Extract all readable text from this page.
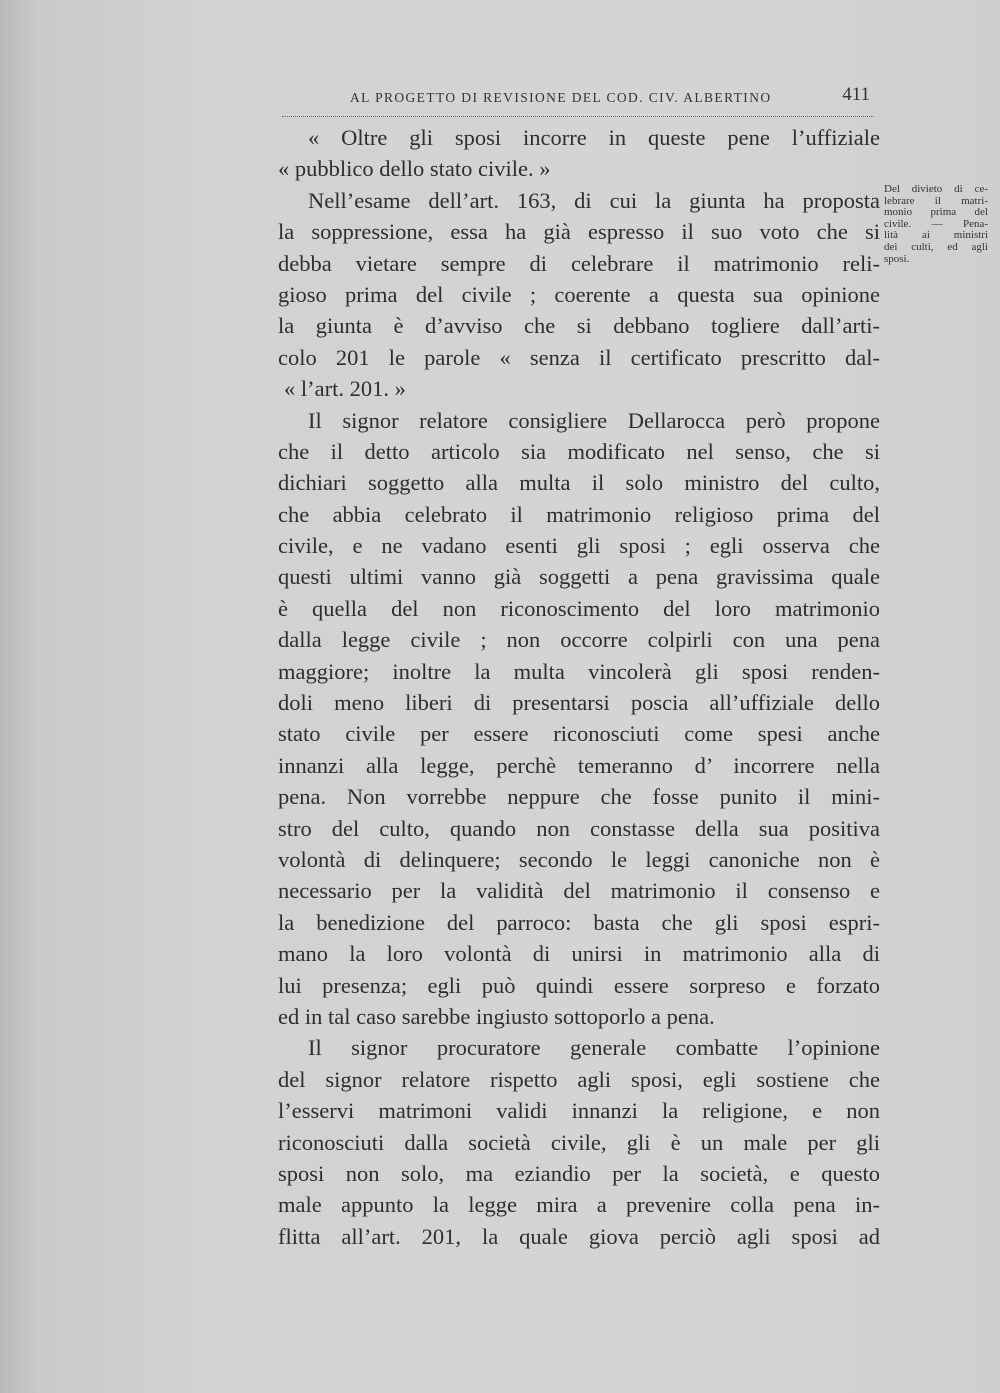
AL PROGETTO DI REVISIONE DEL COD. CIV. ALBERTINO	411
« Oltre gli sposi incorre in queste pene l’uffiziale
« pubblico dello stato civile. »
Nell’esame dell’art. 163, di cui la giunta ha proposta
la soppressione, essa ha già espresso il suo voto che si
debba vietare sempre di celebrare il matrimonio reli-
gioso prima del civile ; coerente a questa sua opinione
la giunta è d’avviso che si debbano togliere dall’arti-
colo 201 le parole « senza il certificato prescritto dal-
« l’art. 201. »
Il signor relatore consigliere Dellarocca però propone
che il detto articolo sia modificato nel senso, che si
dichiari soggetto alla multa il solo ministro del culto,
che abbia celebrato il matrimonio religioso prima del
civile, e ne vadano esenti gli sposi ; egli osserva che
questi ultimi vanno già soggetti a pena gravissima quale
è quella del non riconoscimento del loro matrimonio
dalla legge civile ; non occorre colpirli con una pena
maggiore; inoltre la multa vincolerà gli sposi renden-
doli meno liberi di presentarsi poscia all’uffiziale dello
stato civile per essere riconosciuti come spesi anche
innanzi alla legge, perchè temeranno d’ incorrere nella
pena. Non vorrebbe neppure che fosse punito il mini-
stro del culto, quando non constasse della sua positiva
volontà di delinquere; secondo le leggi canoniche non è
necessario per la validità del matrimonio il consenso e
la benedizione del parroco: basta che gli sposi espri-
mano la loro volontà di unirsi in matrimonio alla di
lui presenza; egli può quindi essere sorpreso e forzato
ed in tal caso sarebbe ingiusto sottoporlo a pena.
Il signor procuratore generale combatte l’opinione
del signor relatore rispetto agli sposi, egli sostiene che
l’esservi matrimoni validi innanzi la religione, e non
riconosciuti dalla società civile, gli è un male per gli
sposi non solo, ma eziandio per la società, e questo
male appunto la legge mira a prevenire colla pena in-
flitta all’art. 201, la quale giova perciò agli sposi ad
Del divieto di ce-
lebrare il matri-
monio prima del
civile. — Pena-
lità ai ministri
dei culti, ed agli
sposi.
